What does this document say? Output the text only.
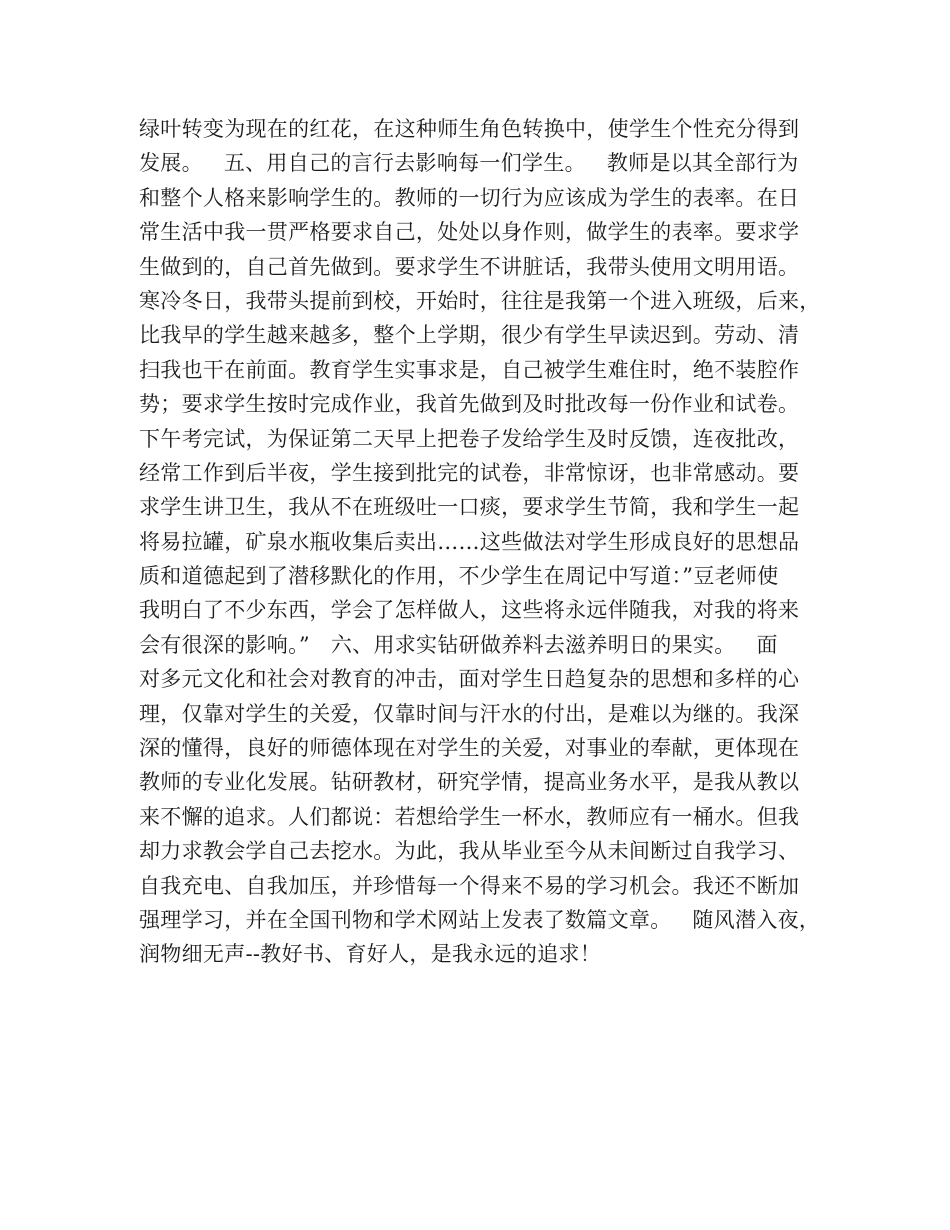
绿叶转变为现在的红花，在这种师生角色转换中，使学生个性充分得到
发展。   五、用自己的言行去影响每一们学生。   教师是以其全部行为
和整个人格来影响学生的。教师的一切行为应该成为学生的表率。在日
常生活中我一贯严格要求自己，处处以身作则，做学生的表率。要求学
生做到的，自己首先做到。要求学生不讲脏话，我带头使用文明用语。
寒冷冬日，我带头提前到校，开始时，往往是我第一个进入班级，后来，
比我早的学生越来越多，整个上学期，很少有学生早读迟到。劳动、清
扫我也干在前面。教育学生实事求是，自己被学生难住时，绝不装腔作
势；要求学生按时完成作业，我首先做到及时批改每一份作业和试卷。
下午考完试，为保证第二天早上把卷子发给学生及时反馈，连夜批改，
经常工作到后半夜，学生接到批完的试卷，非常惊讶，也非常感动。要
求学生讲卫生，我从不在班级吐一口痰，要求学生节简，我和学生一起
将易拉罐，矿泉水瓶收集后卖出……这些做法对学生形成良好的思想品
质和道德起到了潜移默化的作用，不少学生在周记中写道：”豆老师使
我明白了不少东西，学会了怎样做人，这些将永远伴随我，对我的将来
会有很深的影响。”   六、用求实钻研做养料去滋养明日的果实。   面
对多元文化和社会对教育的冲击，面对学生日趋复杂的思想和多样的心
理，仅靠对学生的关爱，仅靠时间与汗水的付出，是难以为继的。我深
深的懂得，良好的师德体现在对学生的关爱，对事业的奉献，更体现在
教师的专业化发展。钻研教材，研究学情，提高业务水平，是我从教以
来不懈的追求。人们都说：若想给学生一杯水，教师应有一桶水。但我
却力求教会学自己去挖水。为此，我从毕业至今从未间断过自我学习、
自我充电、自我加压，并珍惜每一个得来不易的学习机会。我还不断加
强理学习，并在全国刊物和学术网站上发表了数篇文章。   随风潜入夜，
润物细无声--教好书、育好人，是我永远的追求！
